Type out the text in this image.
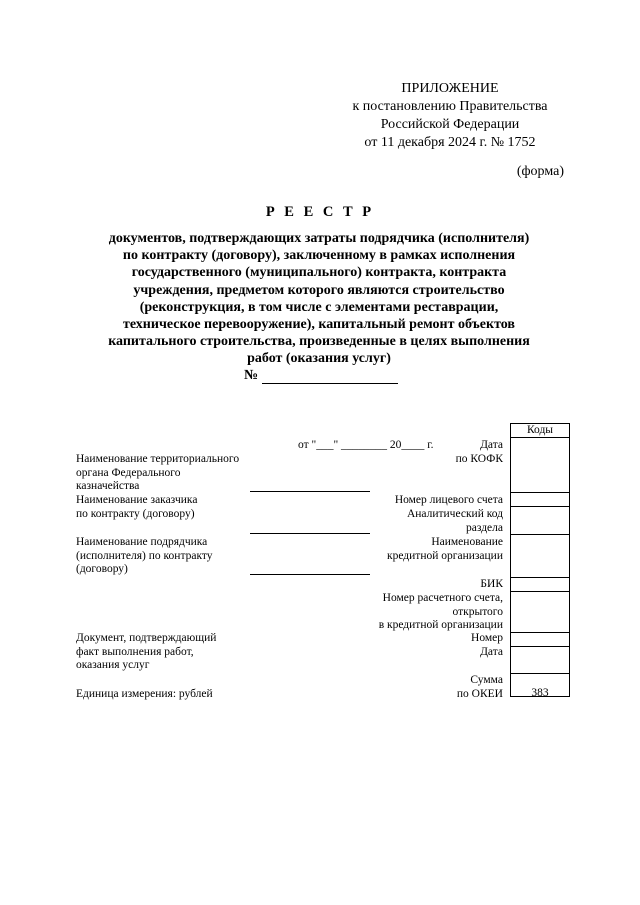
ПРИЛОЖЕНИЕ
к постановлению Правительства
Российской Федерации
от 11 декабря 2024 г. № 1752
(форма)
Р Е Е С Т Р
документов, подтверждающих затраты подрядчика (исполнителя)
по контракту (договору), заключенному в рамках исполнения
государственного (муниципального) контракта, контракта
учреждения, предметом которого являются строительство
(реконструкция, в том числе с элементами реставрации,
техническое перевооружение), капитальный ремонт объектов
капитального строительства, произведенные в целях выполнения
работ (оказания услуг)
№
от "___" ________ 20____ г.
Коды
383
Наименование территориального
органа Федерального
казначейства
Наименование заказчика
по контракту (договору)
Наименование подрядчика
(исполнителя) по контракту
(договору)
Документ, подтверждающий
факт выполнения работ,
оказания услуг
Единица измерения: рублей
Дата
по КОФК
Номер лицевого счета
Аналитический код
раздела
Наименование
кредитной организации
БИК
Номер расчетного счета,
открытого
в кредитной организации
Номер
Дата
Сумма
по ОКЕИ
